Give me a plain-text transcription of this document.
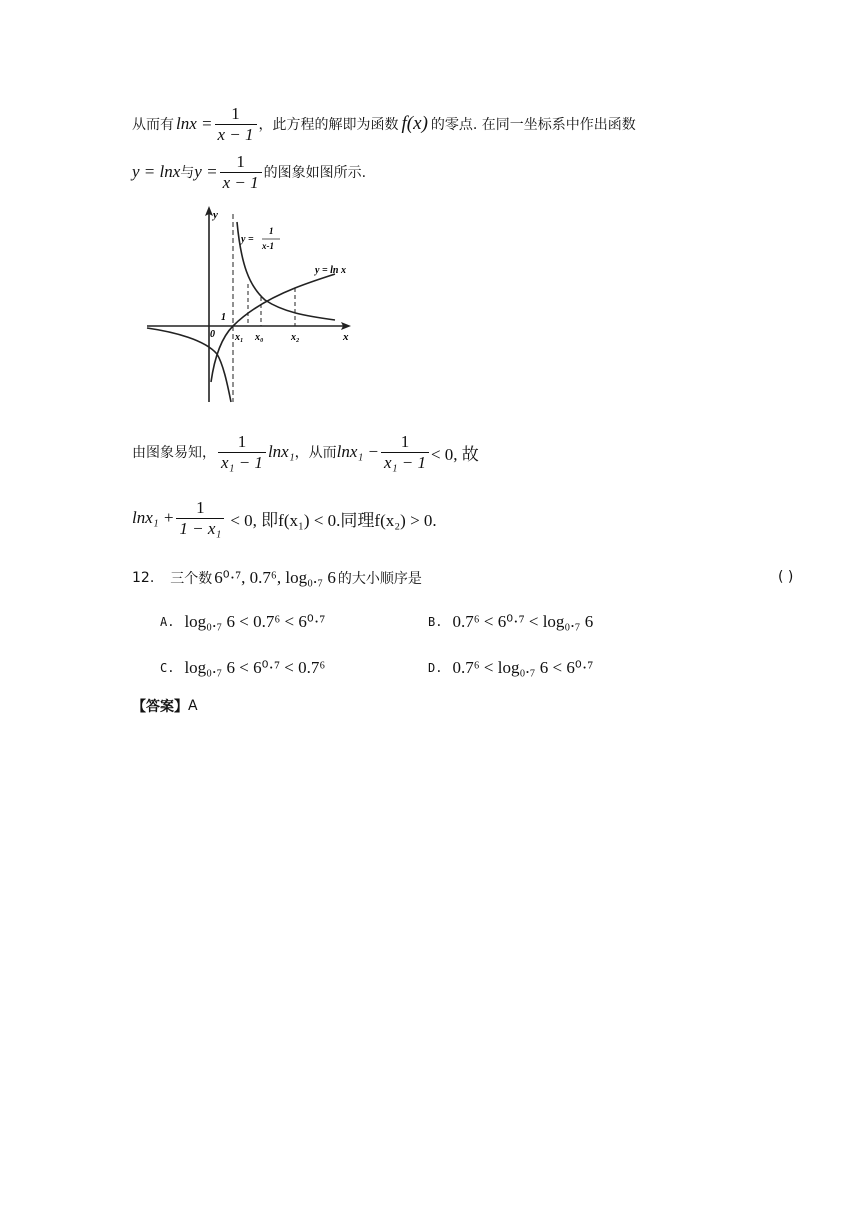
从而有 $\ln x = \frac{1}{x - 1}$ ，此方程的解即为函数 f(x) 的零点. 在同一坐标系中作出函数
y = lnx 与 $y = \frac{1}{x - 1}$ 的图象如图所示.
y
x
y =
1
x-1
y = ln x
0
1
x₁ x₀	x₂
由图象易知， $\frac{1}{\text{x₁ − 1}} \ln x_1$ ，从而 $\ln x_1 - \frac{1}{\text{x₁ − 1}} < 0$, 故
$\ln x_1 + \frac{1}{\text{1 − x₁}} < 0$, 即f(x₁) < 0.同理f(x₂) > 0.
12. 三个数 6⁰·⁷, 0.7⁶, log₀.₇ 6 的大小顺序是	( )
A. log₀.₇ 6 < 0.7⁶ < 6⁰·⁷	B. 0.7⁶ < 6⁰·⁷ < log₀.₇ 6
C. log₀.₇ 6 < 6⁰·⁷ < 0.7⁶	D. 0.7⁶ < log₀.₇ 6 < 6⁰·⁷
【答案】 A
